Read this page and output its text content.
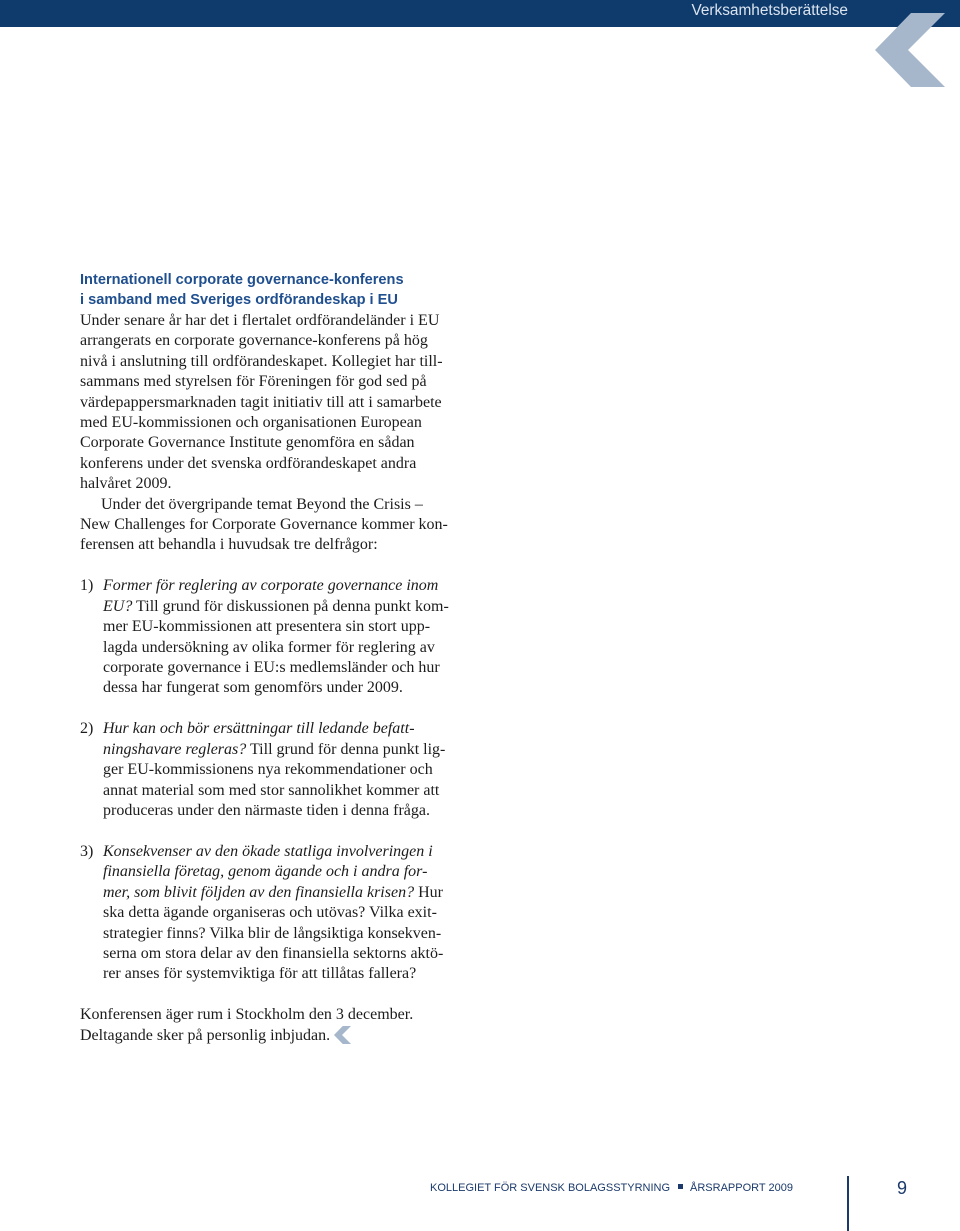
Verksamhetsberättelse
Internationell corporate governance-konferens
i samband med Sveriges ordförandeskap i EU
Under senare år har det i flertalet ordförandeländer i EU
arrangerats en corporate governance-konferens på hög
nivå i anslutning till ordförandeskapet. Kollegiet har till-
sammans med styrelsen för Föreningen för god sed på
värdepappersmarknaden tagit initiativ till att i samarbete
med EU-kommissionen och organisationen European
Corporate Governance Institute genomföra en sådan
konferens under det svenska ordförandeskapet andra
halvåret 2009.
Under det övergripande temat Beyond the Crisis –
New Challenges for Corporate Governance kommer kon-
ferensen att behandla i huvudsak tre delfrågor:
1) Former för reglering av corporate governance inom
EU? Till grund för diskussionen på denna punkt kom-
mer EU-kommissionen att presentera sin stort upp-
lagda undersökning av olika former för reglering av
corporate governance i EU:s medlemsländer och hur
dessa har fungerat som genomförs under 2009.
2) Hur kan och bör ersättningar till ledande befatt-
ningshavare regleras? Till grund för denna punkt lig-
ger EU-kommissionens nya rekommendationer och
annat material som med stor sannolikhet kommer att
produceras under den närmaste tiden i denna fråga.
3) Konsekvenser av den ökade statliga involveringen i
finansiella företag, genom ägande och i andra for-
mer, som blivit följden av den finansiella krisen? Hur
ska detta ägande organiseras och utövas? Vilka exit-
strategier finns? Vilka blir de långsiktiga konsekven-
serna om stora delar av den finansiella sektorns aktö-
rer anses för systemviktiga för att tillåtas fallera?
Konferensen äger rum i Stockholm den 3 december.
Deltagande sker på personlig inbjudan.
KOLLEGIET FÖR SVENSK BOLAGSSTYRNING ÅRSRAPPORT 2009	9
